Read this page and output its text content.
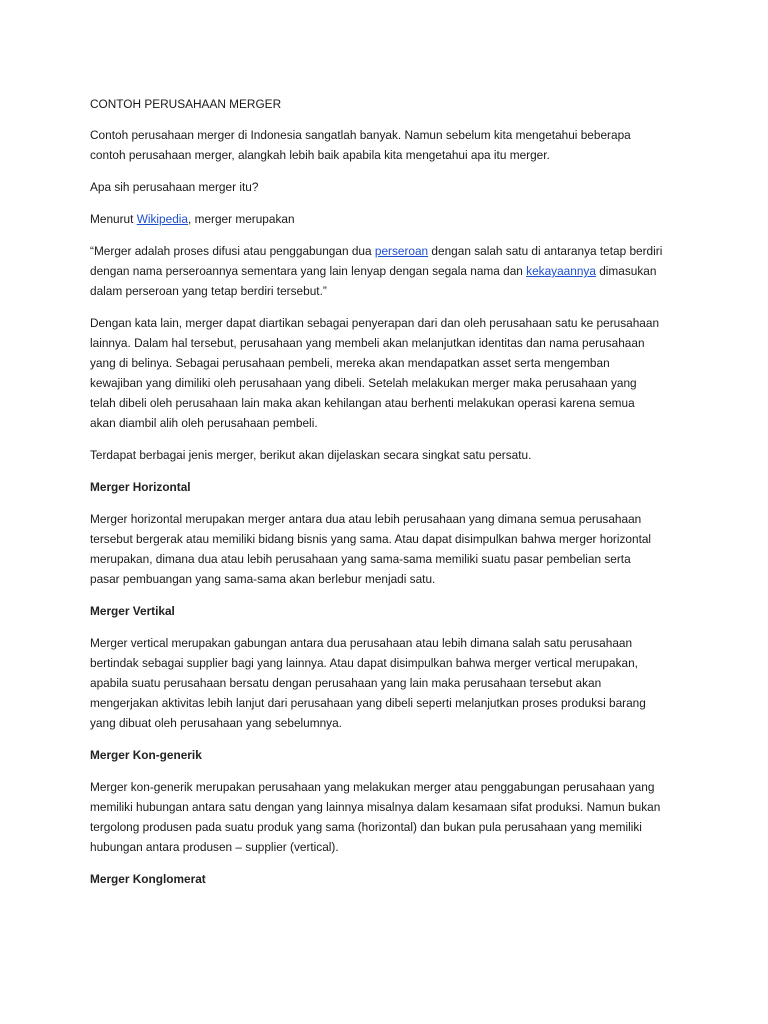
CONTOH PERUSAHAAN MERGER

Contoh perusahaan merger di Indonesia sangatlah banyak. Namun sebelum kita mengetahui beberapa contoh perusahaan merger, alangkah lebih baik apabila kita mengetahui apa itu merger.

Apa sih perusahaan merger itu?

Menurut Wikipedia, merger merupakan

“Merger adalah proses difusi atau penggabungan dua perseroan dengan salah satu di antaranya tetap berdiri dengan nama perseroannya sementara yang lain lenyap dengan segala nama dan kekayaannya dimasukan dalam perseroan yang tetap berdiri tersebut.”

Dengan kata lain, merger dapat diartikan sebagai penyerapan dari dan oleh perusahaan satu ke perusahaan lainnya. Dalam hal tersebut, perusahaan yang membeli akan melanjutkan identitas dan nama perusahaan yang di belinya. Sebagai perusahaan pembeli, mereka akan mendapatkan asset serta mengemban kewajiban yang dimiliki oleh perusahaan yang dibeli. Setelah melakukan merger maka perusahaan yang telah dibeli oleh perusahaan lain maka akan kehilangan atau berhenti melakukan operasi karena semua akan diambil alih oleh perusahaan pembeli.

Terdapat berbagai jenis merger, berikut akan dijelaskan secara singkat satu persatu.

Merger Horizontal

Merger horizontal merupakan merger antara dua atau lebih perusahaan yang dimana semua perusahaan tersebut bergerak atau memiliki bidang bisnis yang sama. Atau dapat disimpulkan bahwa merger horizontal merupakan, dimana dua atau lebih perusahaan yang sama-sama memiliki suatu pasar pembelian serta pasar pembuangan yang sama-sama akan berlebur menjadi satu.

Merger Vertikal

Merger vertical merupakan gabungan antara dua perusahaan atau lebih dimana salah satu perusahaan bertindak sebagai supplier bagi yang lainnya. Atau dapat disimpulkan bahwa merger vertical merupakan, apabila suatu perusahaan bersatu dengan perusahaan yang lain maka perusahaan tersebut akan mengerjakan aktivitas lebih lanjut dari perusahaan yang dibeli seperti melanjutkan proses produksi barang yang dibuat oleh perusahaan yang sebelumnya.

Merger Kon-generik

Merger kon-generik merupakan perusahaan yang melakukan merger atau penggabungan perusahaan yang memiliki hubungan antara satu dengan yang lainnya misalnya dalam kesamaan sifat produksi. Namun bukan tergolong produsen pada suatu produk yang sama (horizontal) dan bukan pula perusahaan yang memiliki hubungan antara produsen – supplier (vertical).

Merger Konglomerat
